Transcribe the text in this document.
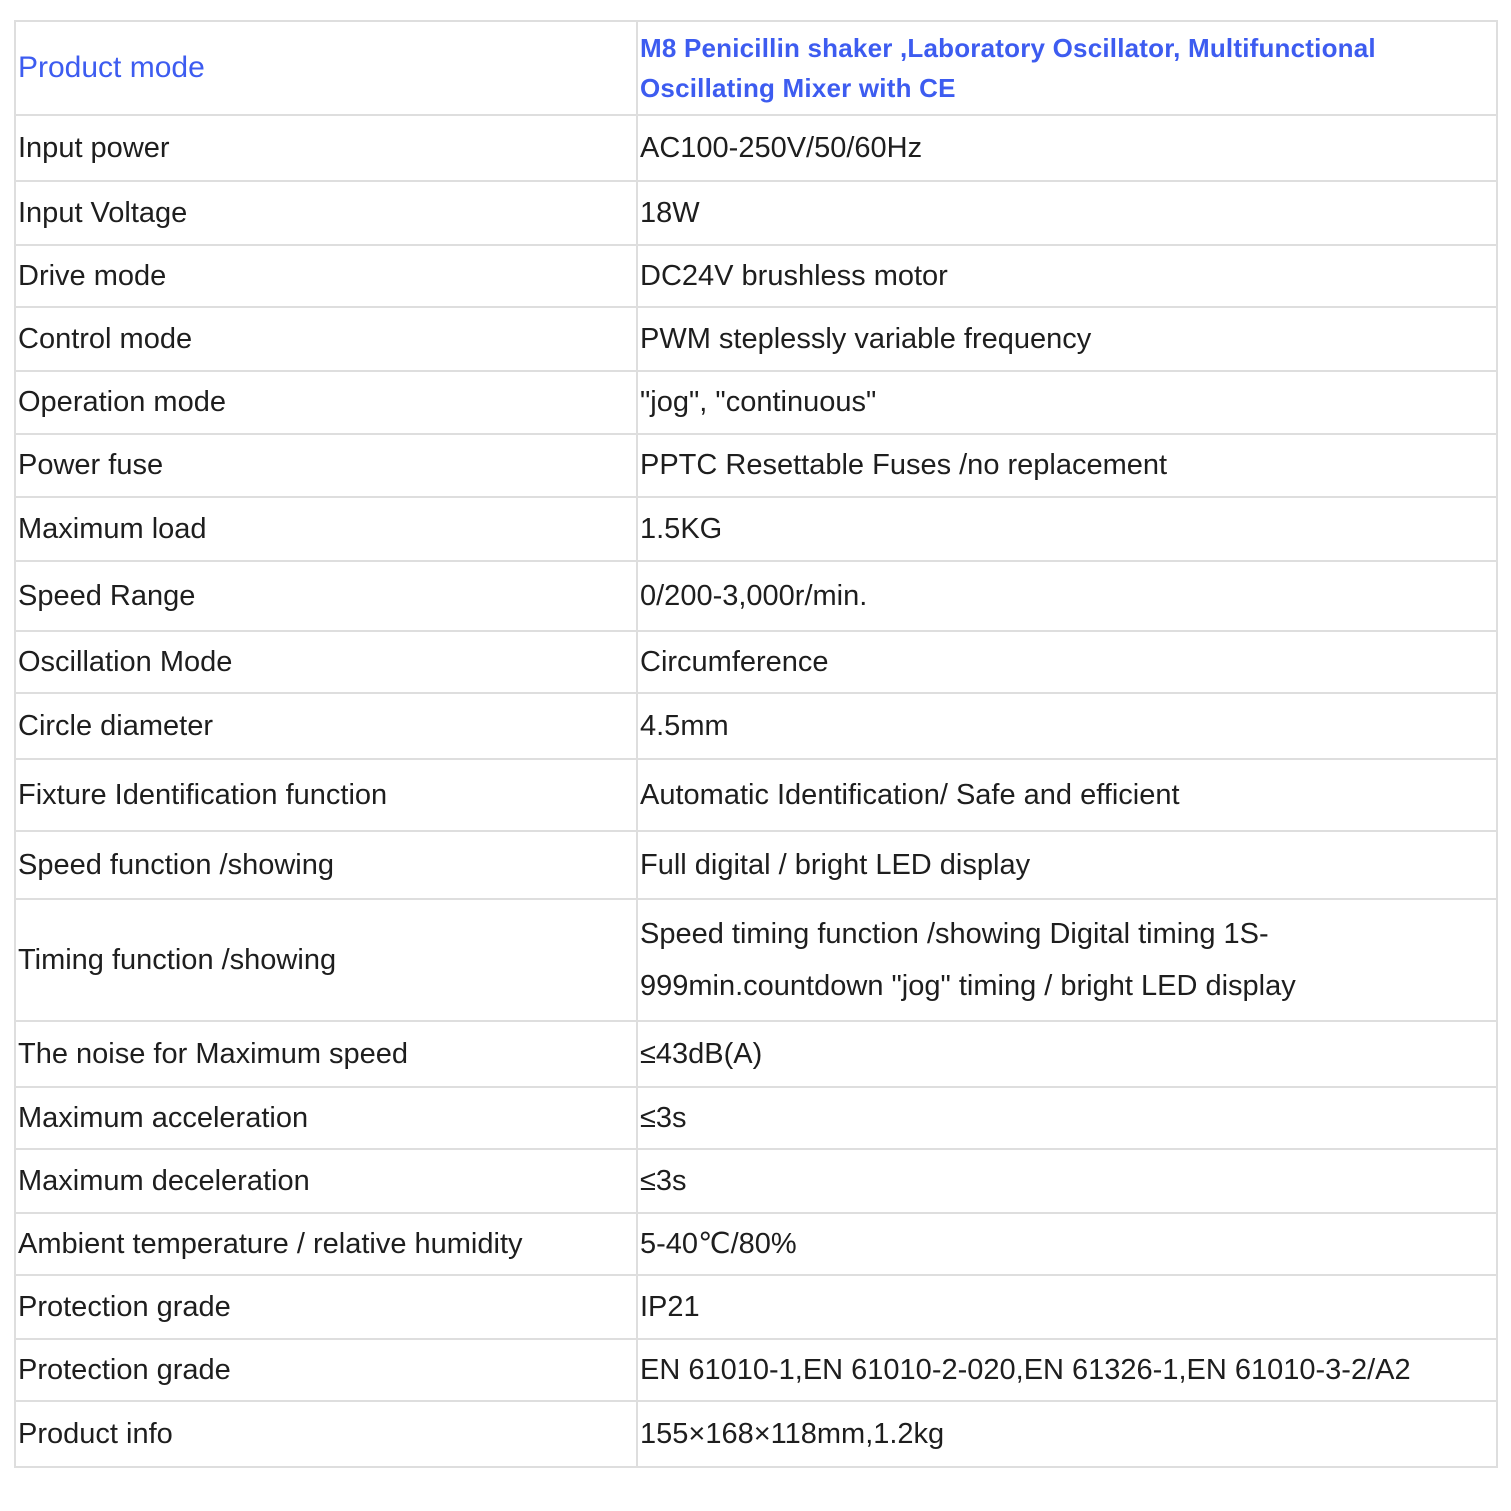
Product mode	M8 Penicillin shaker ,Laboratory Oscillator, Multifunctional Oscillating Mixer with CE
Input power	AC100-250V/50/60Hz
Input Voltage	18W
Drive mode	DC24V brushless motor
Control mode	PWM steplessly variable frequency
Operation mode	"jog", "continuous"
Power fuse	PPTC Resettable Fuses /no replacement
Maximum load	1.5KG
Speed Range	0/200-3,000r/min.
Oscillation Mode	Circumference
Circle diameter	4.5mm
Fixture Identification function	Automatic Identification/ Safe and efficient
Speed function /showing	Full digital / bright LED display
Timing function /showing	Speed timing function /showing Digital timing 1S-999min.countdown "jog" timing / bright LED display
The noise for Maximum speed	≤43dB(A)
Maximum acceleration	≤3s
Maximum deceleration	≤3s
Ambient temperature / relative humidity	5-40℃/80%
Protection grade	IP21
Protection grade	EN 61010-1,EN 61010-2-020,EN 61326-1,EN 61010-3-2/A2
Product info	155×168×118mm,1.2kg
